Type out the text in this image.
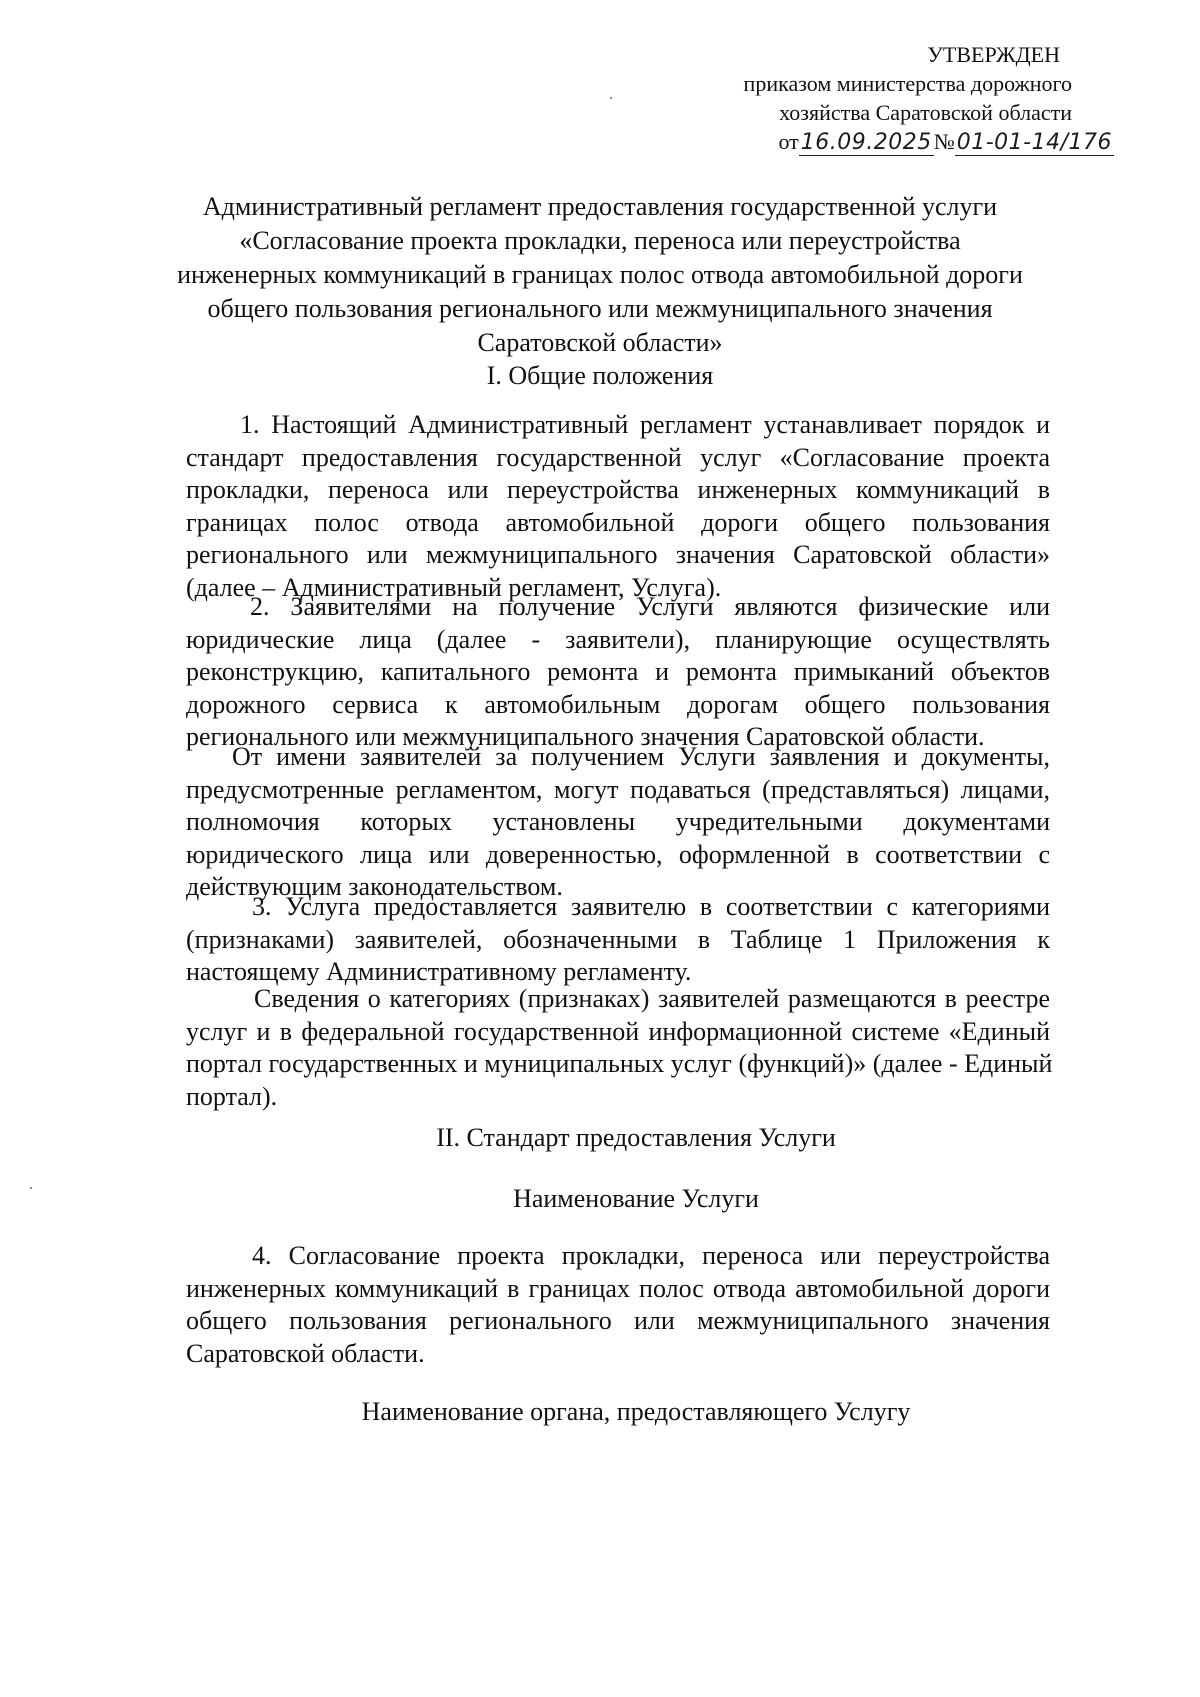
УТВЕРЖДЕН
приказом министерства дорожного
хозяйства Саратовской области
от16.09.2025№01-01-14/176
Административный регламент предоставления государственной услуги
«Согласование проекта прокладки, переноса или переустройства
инженерных коммуникаций в границах полос отвода автомобильной дороги
общего пользования регионального или межмуниципального значения
Саратовской области»
I. Общие положения
1. Настоящий Административный регламент устанавливает порядок и
стандарт предоставления государственной услуг «Согласование проекта
прокладки, переноса или переустройства инженерных коммуникаций в
границах полос отвода автомобильной дороги общего пользования
регионального или межмуниципального значения Саратовской области»
(далее – Административный регламент, Услуга).
2. Заявителями на получение Услуги являются физические или
юридические лица (далее - заявители), планирующие осуществлять
реконструкцию, капитального ремонта и ремонта примыканий объектов
дорожного сервиса к автомобильным дорогам общего пользования
регионального или межмуниципального значения Саратовской области.
От имени заявителей за получением Услуги заявления и документы,
предусмотренные регламентом, могут подаваться (представляться) лицами,
полномочия которых установлены учредительными документами
юридического лица или доверенностью, оформленной в соответствии с
действующим законодательством.
3. Услуга предоставляется заявителю в соответствии с категориями
(признаками) заявителей, обозначенными в Таблице 1 Приложения к
настоящему Административному регламенту.
Сведения о категориях (признаках) заявителей размещаются в реестре
услуг и в федеральной государственной информационной системе «Единый
портал государственных и муниципальных услуг (функций)» (далее - Единый
портал).
II. Стандарт предоставления Услуги
Наименование Услуги
4. Согласование проекта прокладки, переноса или переустройства
инженерных коммуникаций в границах полос отвода автомобильной дороги
общего пользования регионального или межмуниципального значения
Саратовской области.
Наименование органа, предоставляющего Услугу
